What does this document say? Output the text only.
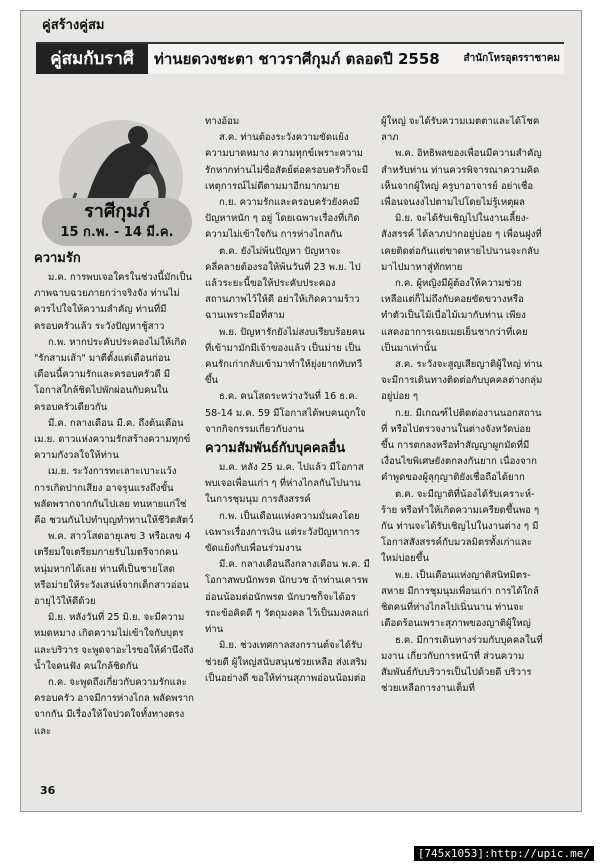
คู่สร้างคู่สม
คู่สมกับราศี	ท่านยดวงชะตา ชาวราศีกุมภ์ ตลอดปี 2558 สำนักโหรอุดรราชาคม
ราศีกุมภ์
15 ก.พ. - 14 มี.ค.
ความรัก

ม.ค. การพบเจอใครในช่วงนี้มักเป็นภาพฉาบฉวยภายกว่าจริงจัง ท่านไม่ควรไปใจให้ความสำคัญ ท่านที่มีครอบครัวแล้ว ระวังปัญหาชู้สาว

ก.พ. หากประคับประคองไม่ให้เกิด "รักสามเส้า" มาตีตั้งแต่เดือนก่อน เดือนนี้ความรักและครอบครัวดี มีโอกาสใกล้ชิดไปพักผ่อนกับคนในครอบครัวเดียวกัน

มี.ค. กลางเดือน มี.ค. ถึงต้นเดือน เม.ย. ดาวแห่งความรักสร้างความทุกข์ความกังวลใจให้ท่าน

เม.ย. ระวังการทะเลาะเบาะแว้ง การเกิดปากเสียง อาจรุนแรงถึงขั้นพลัดพรากจากกันไปเลย ทนหายแก่ใช่คือ ชวนกันไปทำบุญทำทานให้ชีวิตสัตว์

พ.ค. สาวโสดอายุเลข 3 หรือเลข 4 เตรียมใจเตรียมกายรับไมตรีจากคนหนุ่มหากได้เลย ท่านที่เป็นชายโสด หรือม่ายให้ระวังเสน่ห์จากเด็กสาวอ่อนอายุไว้ให้ดีด้วย

มิ.ย. หลังวันที่ 25 มิ.ย. จะมีความหมดหมาง เกิดความไม่เข้าใจกับบุตรและบริวาร จะพูดจาอะไรขอให้คำนึงถึงน้ำใจคนฟัง คนใกล้ชิดกัน

ก.ค. จะพูดถึงเกี่ยวกับความรักและครอบครัว อาจมีการห่างไกล พลัดพรากจากกัน มีเรื่องให้ใจปวดใจทั้งทางตรงและ

ทางอ้อม

ส.ค. ท่านต้องระวังความขัดแย้ง ความบาดหมาง ความทุกข์เพราะความรักหากท่านไม่ซื่อสัตย์ต่อครอบครัวก็จะมีเหตุการณ์ไม่ดีตามมาอีกมากมาย

ก.ย. ความรักและครอบครัวยังคงมีปัญหาหนัก ๆ อยู่ โดยเฉพาะเรื่องที่เกิดความไม่เข้าใจกัน การห่างไกลกัน

ต.ค. ยังไม่พ้นปัญหา ปัญหาจะคลี่คลายต้องรอให้พ้นวันที่ 23 พ.ย. ไปแล้วระยะนี้ขอให้ประคับประคองสถานภาพไว้ให้ดี อย่าให้เกิดความร้าวฉานเพราะมือที่สาม

พ.ย. ปัญหารักยังไม่สงบเรียบร้อยคนที่เข้ามามักมีเจ้าของแล้ว เป็นม่าย เป็นคนรักเก่ากลับเข้ามาทำให้ยุ่งยากทับทวีขึ้น

ธ.ค. คนโสดระหว่างวันที่ 16 ธ.ค. 58-14 ม.ค. 59 มีโอกาสได้พบคนถูกใจจากกิจกรรมเกี่ยวกับงาน

ความสัมพันธ์กับบุคคลอื่น

ม.ค. หลัง 25 ม.ค. ไปแล้ว มีโอกาสพบเจอเพื่อนเก่า ๆ ที่ห่างไกลกันไปนานในการชุมนุม การสังสรรค์

ก.พ. เป็นเดือนแห่งความมั่นคงโดยเฉพาะเรื่องการเงิน แต่ระวังปัญหาการขัดแย้งกับเพื่อนร่วมงาน

มี.ค. กลางเดือนถึงกลางเดือน พ.ค. มีโอกาสพบนักพรต นักบวช ถ้าท่านเคารพอ่อนน้อมต่อนักพรต นักบวชก็จะได้อรรถะข้อคิดดี ๆ วัตถุมงคล ไว้เป็นมงคลแก่ท่าน

มิ.ย. ช่วงเทศกาลสงกรานต์จะได้รับช่วยดี ผู้ใหญ่สนับสนุนช่วยเหลือ ส่งเสริมเป็นอย่างดี ขอให้ท่านสุภาพอ่อนน้อมต่อ

ผู้ใหญ่ จะได้รับความเมตตาและได้โชคลาภ

พ.ค. อิทธิพลของเพื่อนมีความสำคัญสำหรับท่าน ท่านควรพิจารณาความคิดเห็นจากผู้ใหญ่ ครูบาอาจารย์ อย่าเชื่อเพื่อนจนงงไปตามไปโดยไม่รู้เหตุผล

มิ.ย. จะได้รับเชิญไปในงานเลี้ยง-สังสรรค์ ได้ลาภปากอยู่บ่อย ๆ เพื่อนฝูงที่เคยติดต่อกันแต่ขาดหายไปนานจะกลับมาไปมาหาสู่ทักทาย

ก.ค. ผู้หญิงมีผู้ต้องให้ความช่วยเหลือแต่ก็ไม่ถึงกับคอยขัดขวางหรือทำตัวเป็นไม้เบื่อไม้เมากับท่าน เพียงแสดงอาการเฉยเมยเย็นชากว่าที่เคยเป็นมาเท่านั้น

ส.ค. ระวังจะสูญเสียญาติผู้ใหญ่ ท่านจะมีการเดินทางติดต่อกับบุคคลต่างกลุ่มอยู่บ่อย ๆ

ก.ย. มีเกณฑ์ไปติดต่องานนอกสถานที่ หรือไปตรวจงานในต่างจังหวัดบ่อยขึ้น การตกลงหรือทำสัญญาผูกมัดที่มีเงื่อนไขพิเศษยังตกลงกันยาก เนื่องจากคำพูดของผู้ลุกุญาติยังเชื่อถือได้ยาก

ต.ค. จะมีญาติที่น้องได้รับเคราะห์-ร้าย หรือทำให้เกิดความเครียดขึ้นพอ ๆ กัน ท่านจะได้รับเชิญไปในงานต่าง ๆ มีโอกาสสังสรรค์กับมวลมิตรทั้งเก่าและใหม่บ่อยขึ้น

พ.ย. เป็นเดือนแห่งญาติสนิทมิตร-สหาย มีการชุมนุมเพื่อนเก่า การได้ใกล้ชิดคนที่ห่างไกลไปเนิ่นนาน ท่านจะเดือดร้อนเพราะสุภาพของญาติผู้ใหญ่

ธ.ค. มีการเดินทางร่วมกับบุคคลในที่มงาน เกี่ยวกับการหน้าที่ ส่วนความสัมพันธ์กับบริวารเป็นไปด้วยดี บริวารช่วยเหลือการงานเต็มที่

36
[745x1053]:http://upic.me/
